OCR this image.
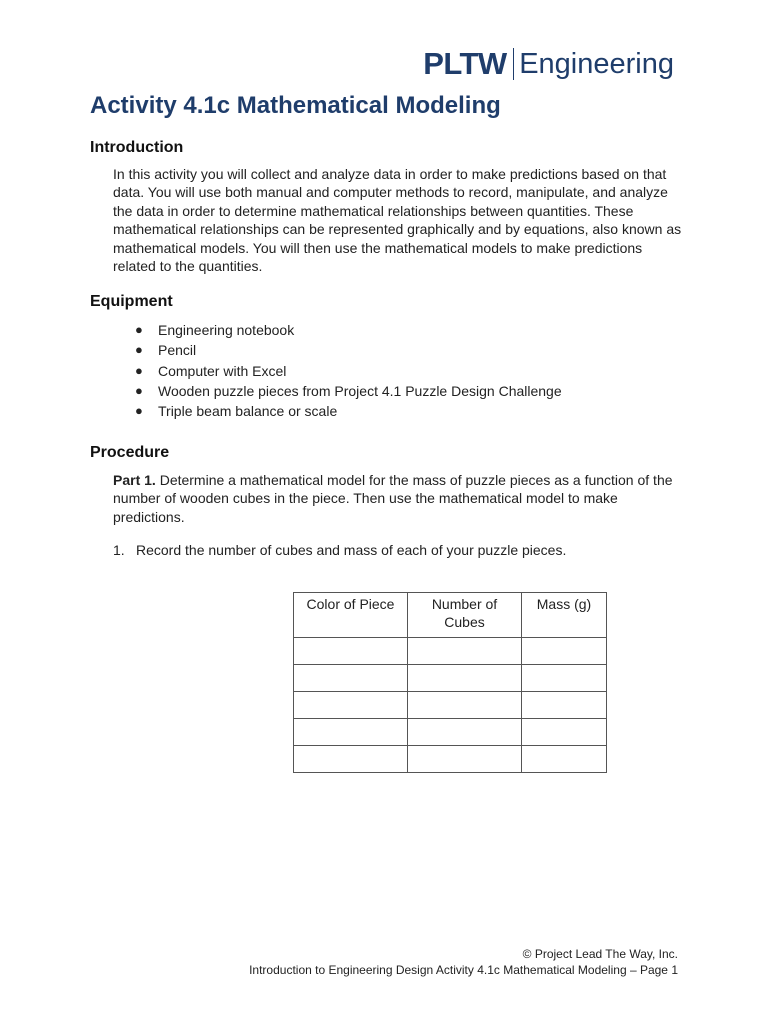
PLTW Engineering
Activity 4.1c Mathematical Modeling
Introduction

In this activity you will collect and analyze data in order to make predictions based on that data. You will use both manual and computer methods to record, manipulate, and analyze the data in order to determine mathematical relationships between quantities. These mathematical relationships can be represented graphically and by equations, also known as mathematical models. You will then use the mathematical models to make predictions related to the quantities.

Equipment
● Engineering notebook
● Pencil
● Computer with Excel
● Wooden puzzle pieces from Project 4.1 Puzzle Design Challenge
● Triple beam balance or scale
Procedure

Part 1. Determine a mathematical model for the mass of puzzle pieces as a function of the number of wooden cubes in the piece. Then use the mathematical model to make predictions.

1. Record the number of cubes and mass of each of your puzzle pieces.

Color of Piece	Number of Cubes	Mass (g)

© Project Lead The Way, Inc.
Introduction to Engineering Design Activity 4.1c Mathematical Modeling – Page 1
